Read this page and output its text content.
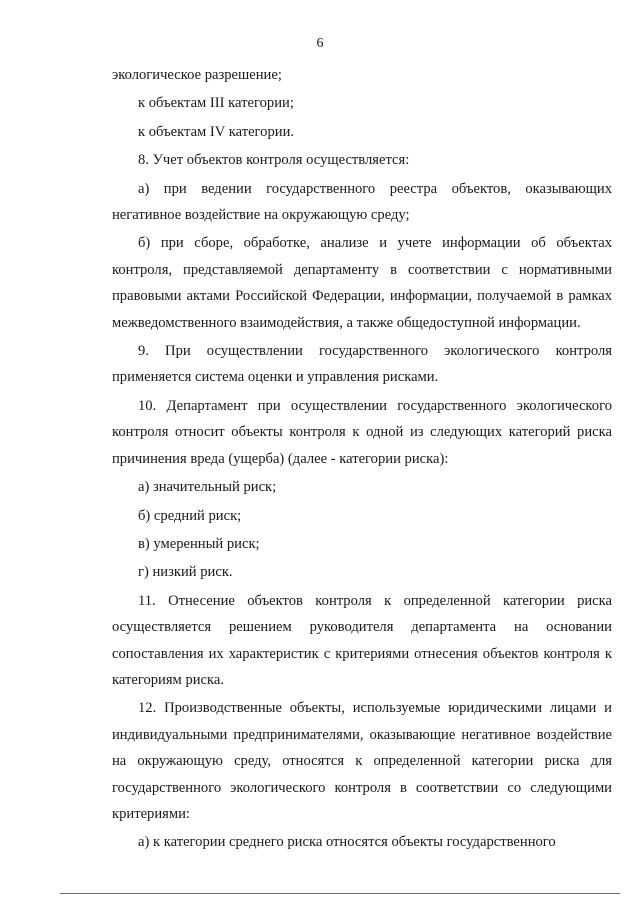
6

экологическое разрешение;

к объектам III категории;

к объектам IV категории.

8. Учет объектов контроля осуществляется:

а) при ведении государственного реестра объектов, оказывающих негативное воздействие на окружающую среду;

б) при сборе, обработке, анализе и учете информации об объектах контроля, представляемой департаменту в соответствии с нормативными правовыми актами Российской Федерации, информации, получаемой в рамках межведомственного взаимодействия, а также общедоступной информации.

9. При осуществлении государственного экологического контроля применяется система оценки и управления рисками.

10. Департамент при осуществлении государственного экологического контроля относит объекты контроля к одной из следующих категорий риска причинения вреда (ущерба) (далее - категории риска):

а) значительный риск;

б) средний риск;

в) умеренный риск;

г) низкий риск.

11. Отнесение объектов контроля к определенной категории риска осуществляется решением руководителя департамента на основании сопоставления их характеристик с критериями отнесения объектов контроля к категориям риска.

12. Производственные объекты, используемые юридическими лицами и индивидуальными предпринимателями, оказывающие негативное воздействие на окружающую среду, относятся к определенной категории риска для государственного экологического контроля в соответствии со следующими критериями:

а) к категории среднего риска относятся объекты государственного
